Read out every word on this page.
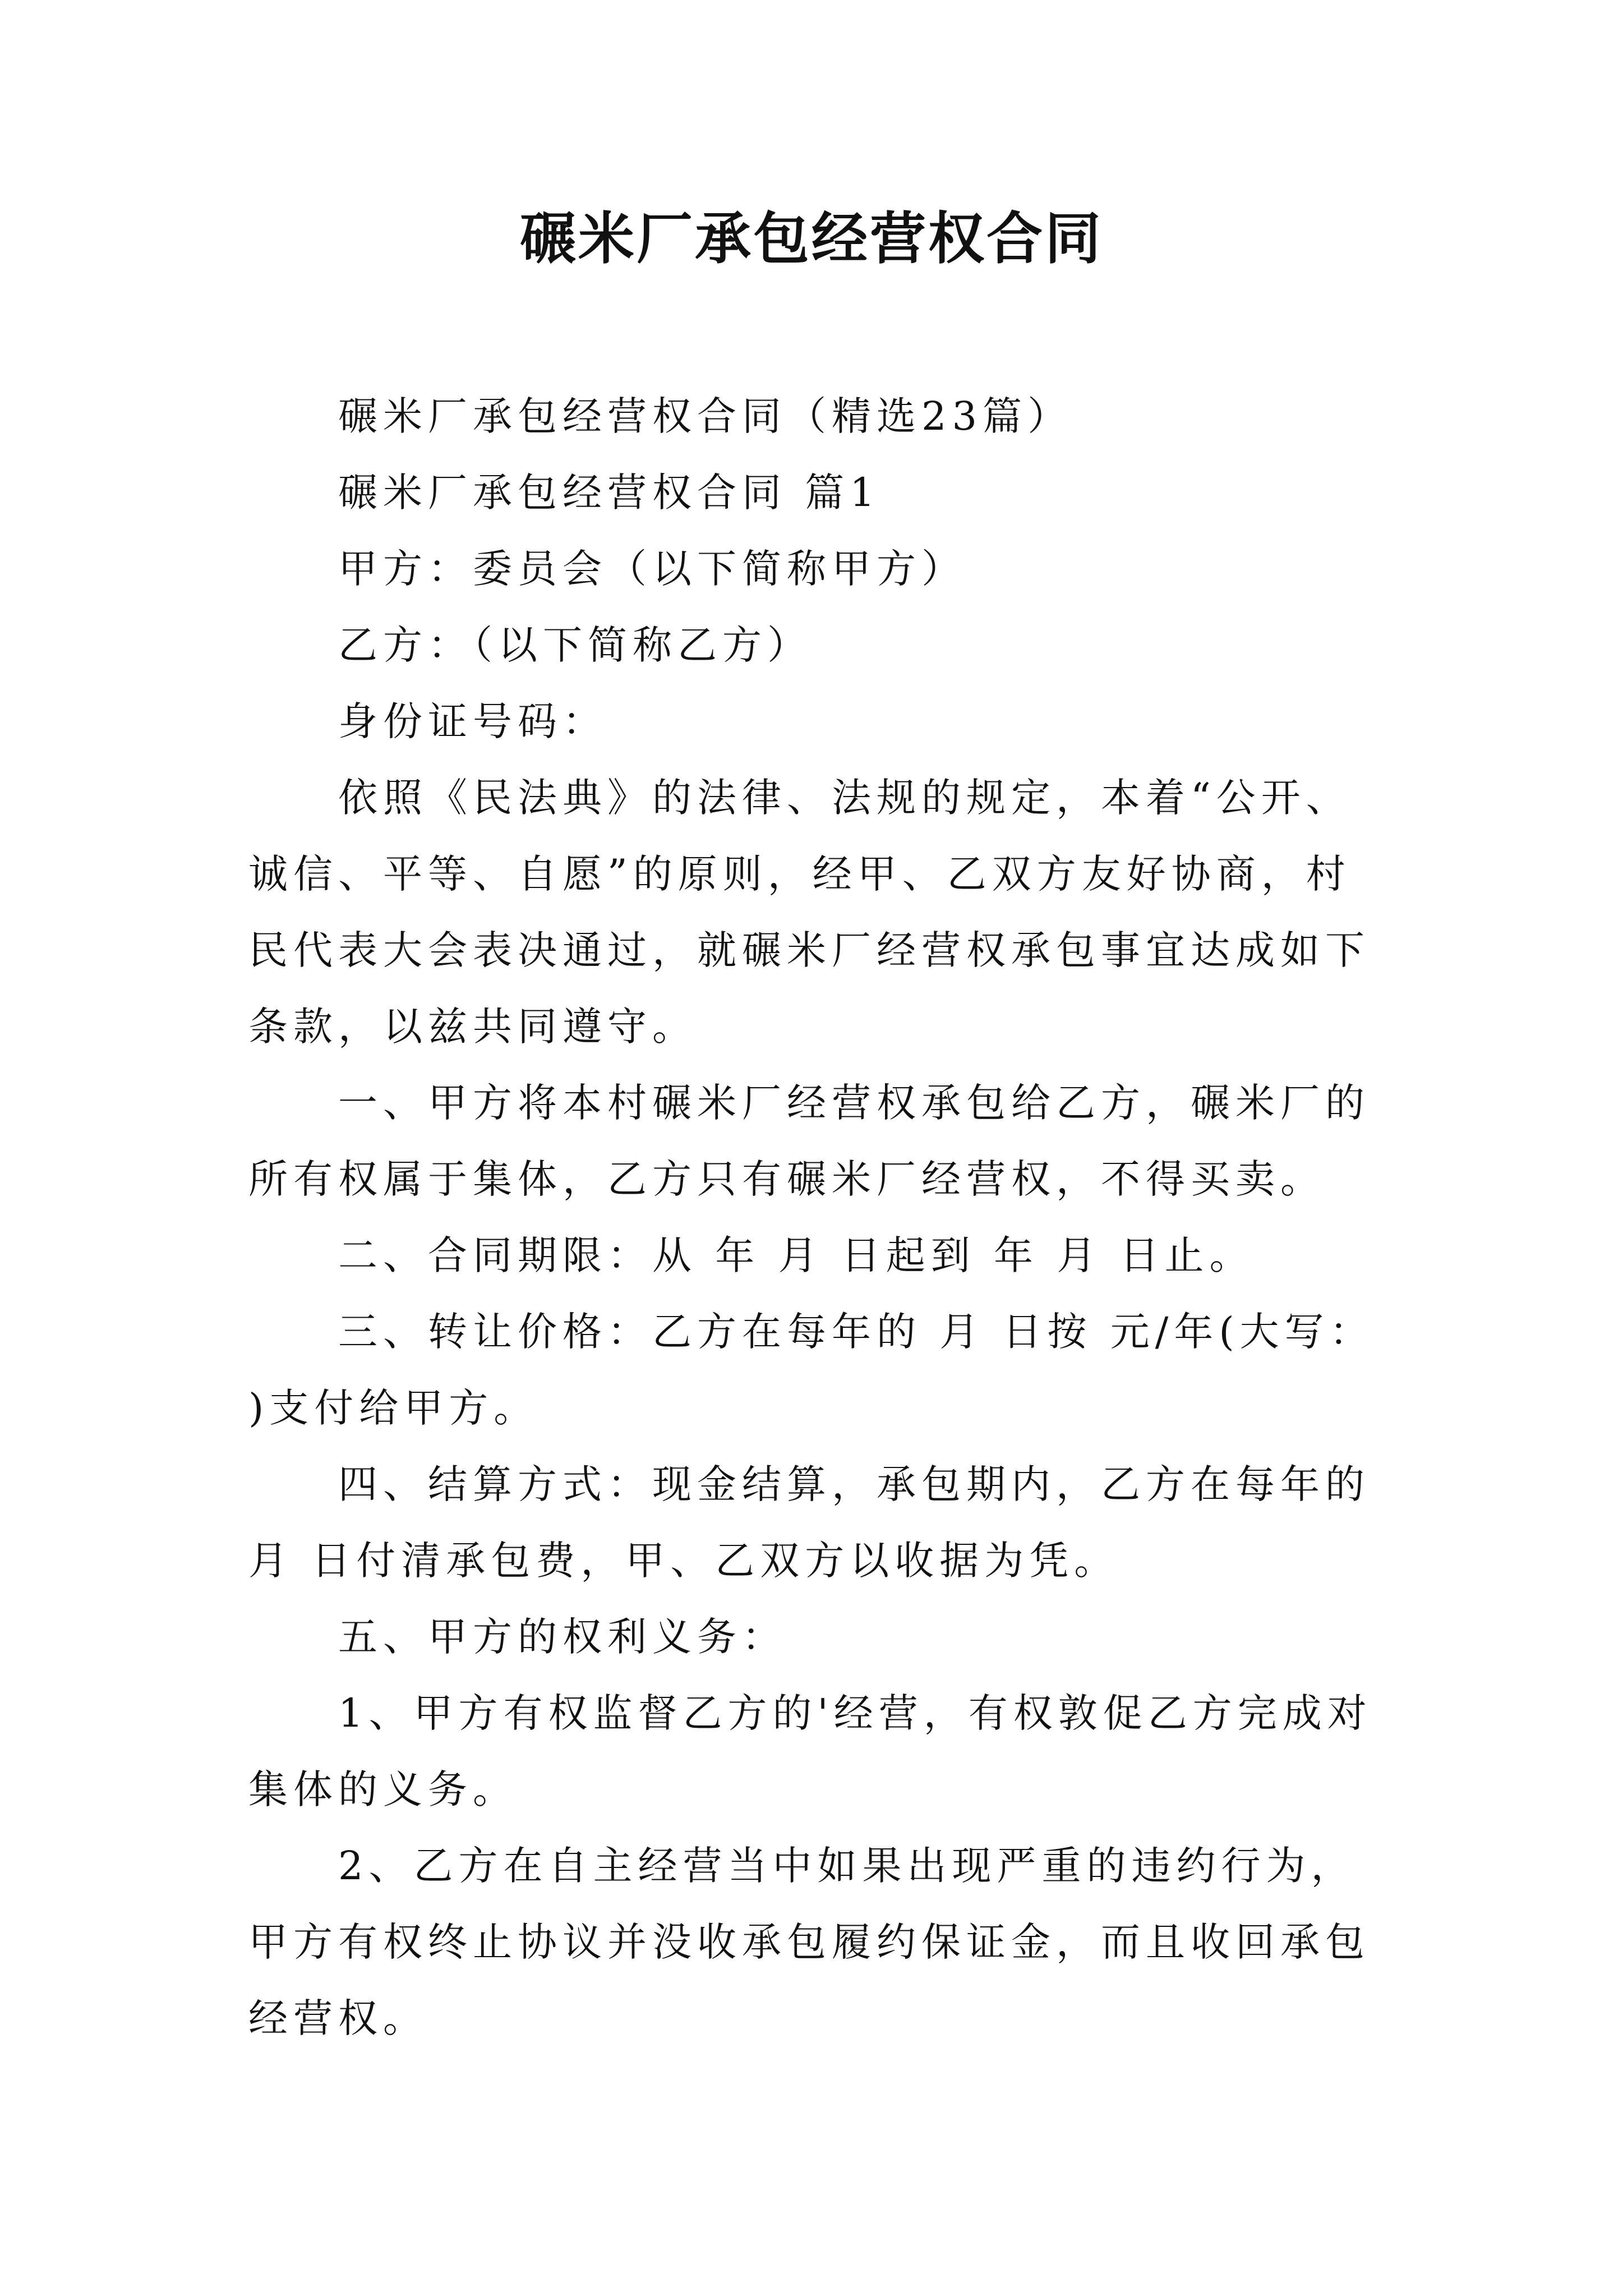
碾米厂承包经营权合同

碾米厂承包经营权合同（精选23篇）

碾米厂承包经营权合同 篇1

甲方：委员会（以下简称甲方）

乙方：（以下简称乙方）

身份证号码：

依照《民法典》的法律、法规的规定，本着“公开、诚信、平等、自愿”的原则，经甲、乙双方友好协商，村民代表大会表决通过，就碾米厂经营权承包事宜达成如下条款，以兹共同遵守。

一、甲方将本村碾米厂经营权承包给乙方，碾米厂的所有权属于集体，乙方只有碾米厂经营权，不得买卖。

二、合同期限：从 年 月 日起到 年 月 日止。

三、转让价格：乙方在每年的 月 日按 元/年(大写： )支付给甲方。

四、结算方式：现金结算，承包期内，乙方在每年的 月 日付清承包费，甲、乙双方以收据为凭。

五、甲方的权利义务：

1、甲方有权监督乙方的'经营，有权敦促乙方完成对集体的义务。

2、乙方在自主经营当中如果出现严重的违约行为，甲方有权终止协议并没收承包履约保证金，而且收回承包经营权。
